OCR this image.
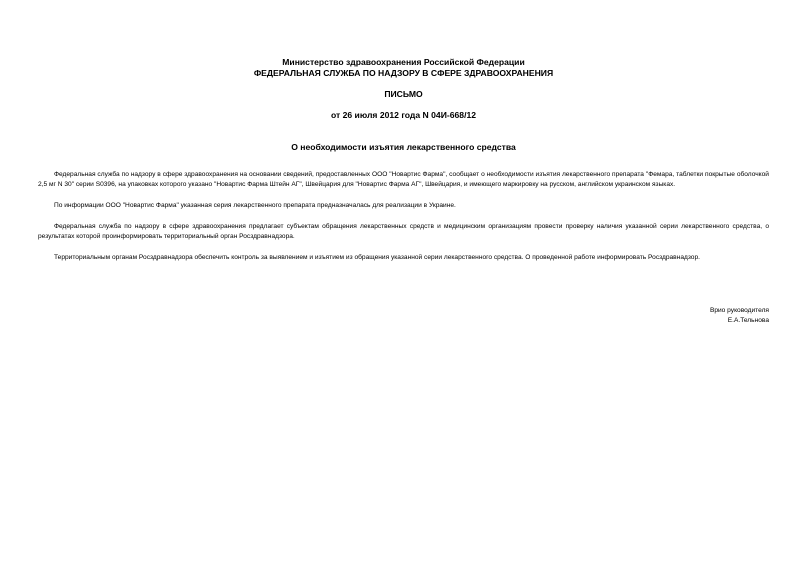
Министерство здравоохранения Российской Федерации
ФЕДЕРАЛЬНАЯ СЛУЖБА ПО НАДЗОРУ В СФЕРЕ ЗДРАВООХРАНЕНИЯ
ПИСЬМО
от 26 июля 2012 года N 04И-668/12
О необходимости изъятия лекарственного средства

Федеральная служба по надзору в сфере здравоохранения на основании сведений, предоставленных ООО "Новартис Фарма", сообщает о необходимости изъятия лекарственного препарата "Фемара, таблетки покрытые оболочкой 2,5 мг N 30" серии S0396, на упаковках которого указано "Новартис Фарма Штейн АГ", Швейцария для "Новартис Фарма АГ", Швейцария, и имеющего маркировку на русском, английском украинском языках.

По информации ООО "Новартис Фарма" указанная серия лекарственного препарата предназначалась для реализации в Украине.

Федеральная служба по надзору в сфере здравоохранения предлагает субъектам обращения лекарственных средств и медицинским организациям провести проверку наличия указанной серии лекарственного средства, о результатах которой проинформировать территориальный орган Росздравнадзора.

Территориальным органам Росздравнадзора обеспечить контроль за выявлением и изъятием из обращения указанной серии лекарственного средства. О проведенной работе информировать Росздравнадзор.

Врио руководителя
Е.А.Тельнова
